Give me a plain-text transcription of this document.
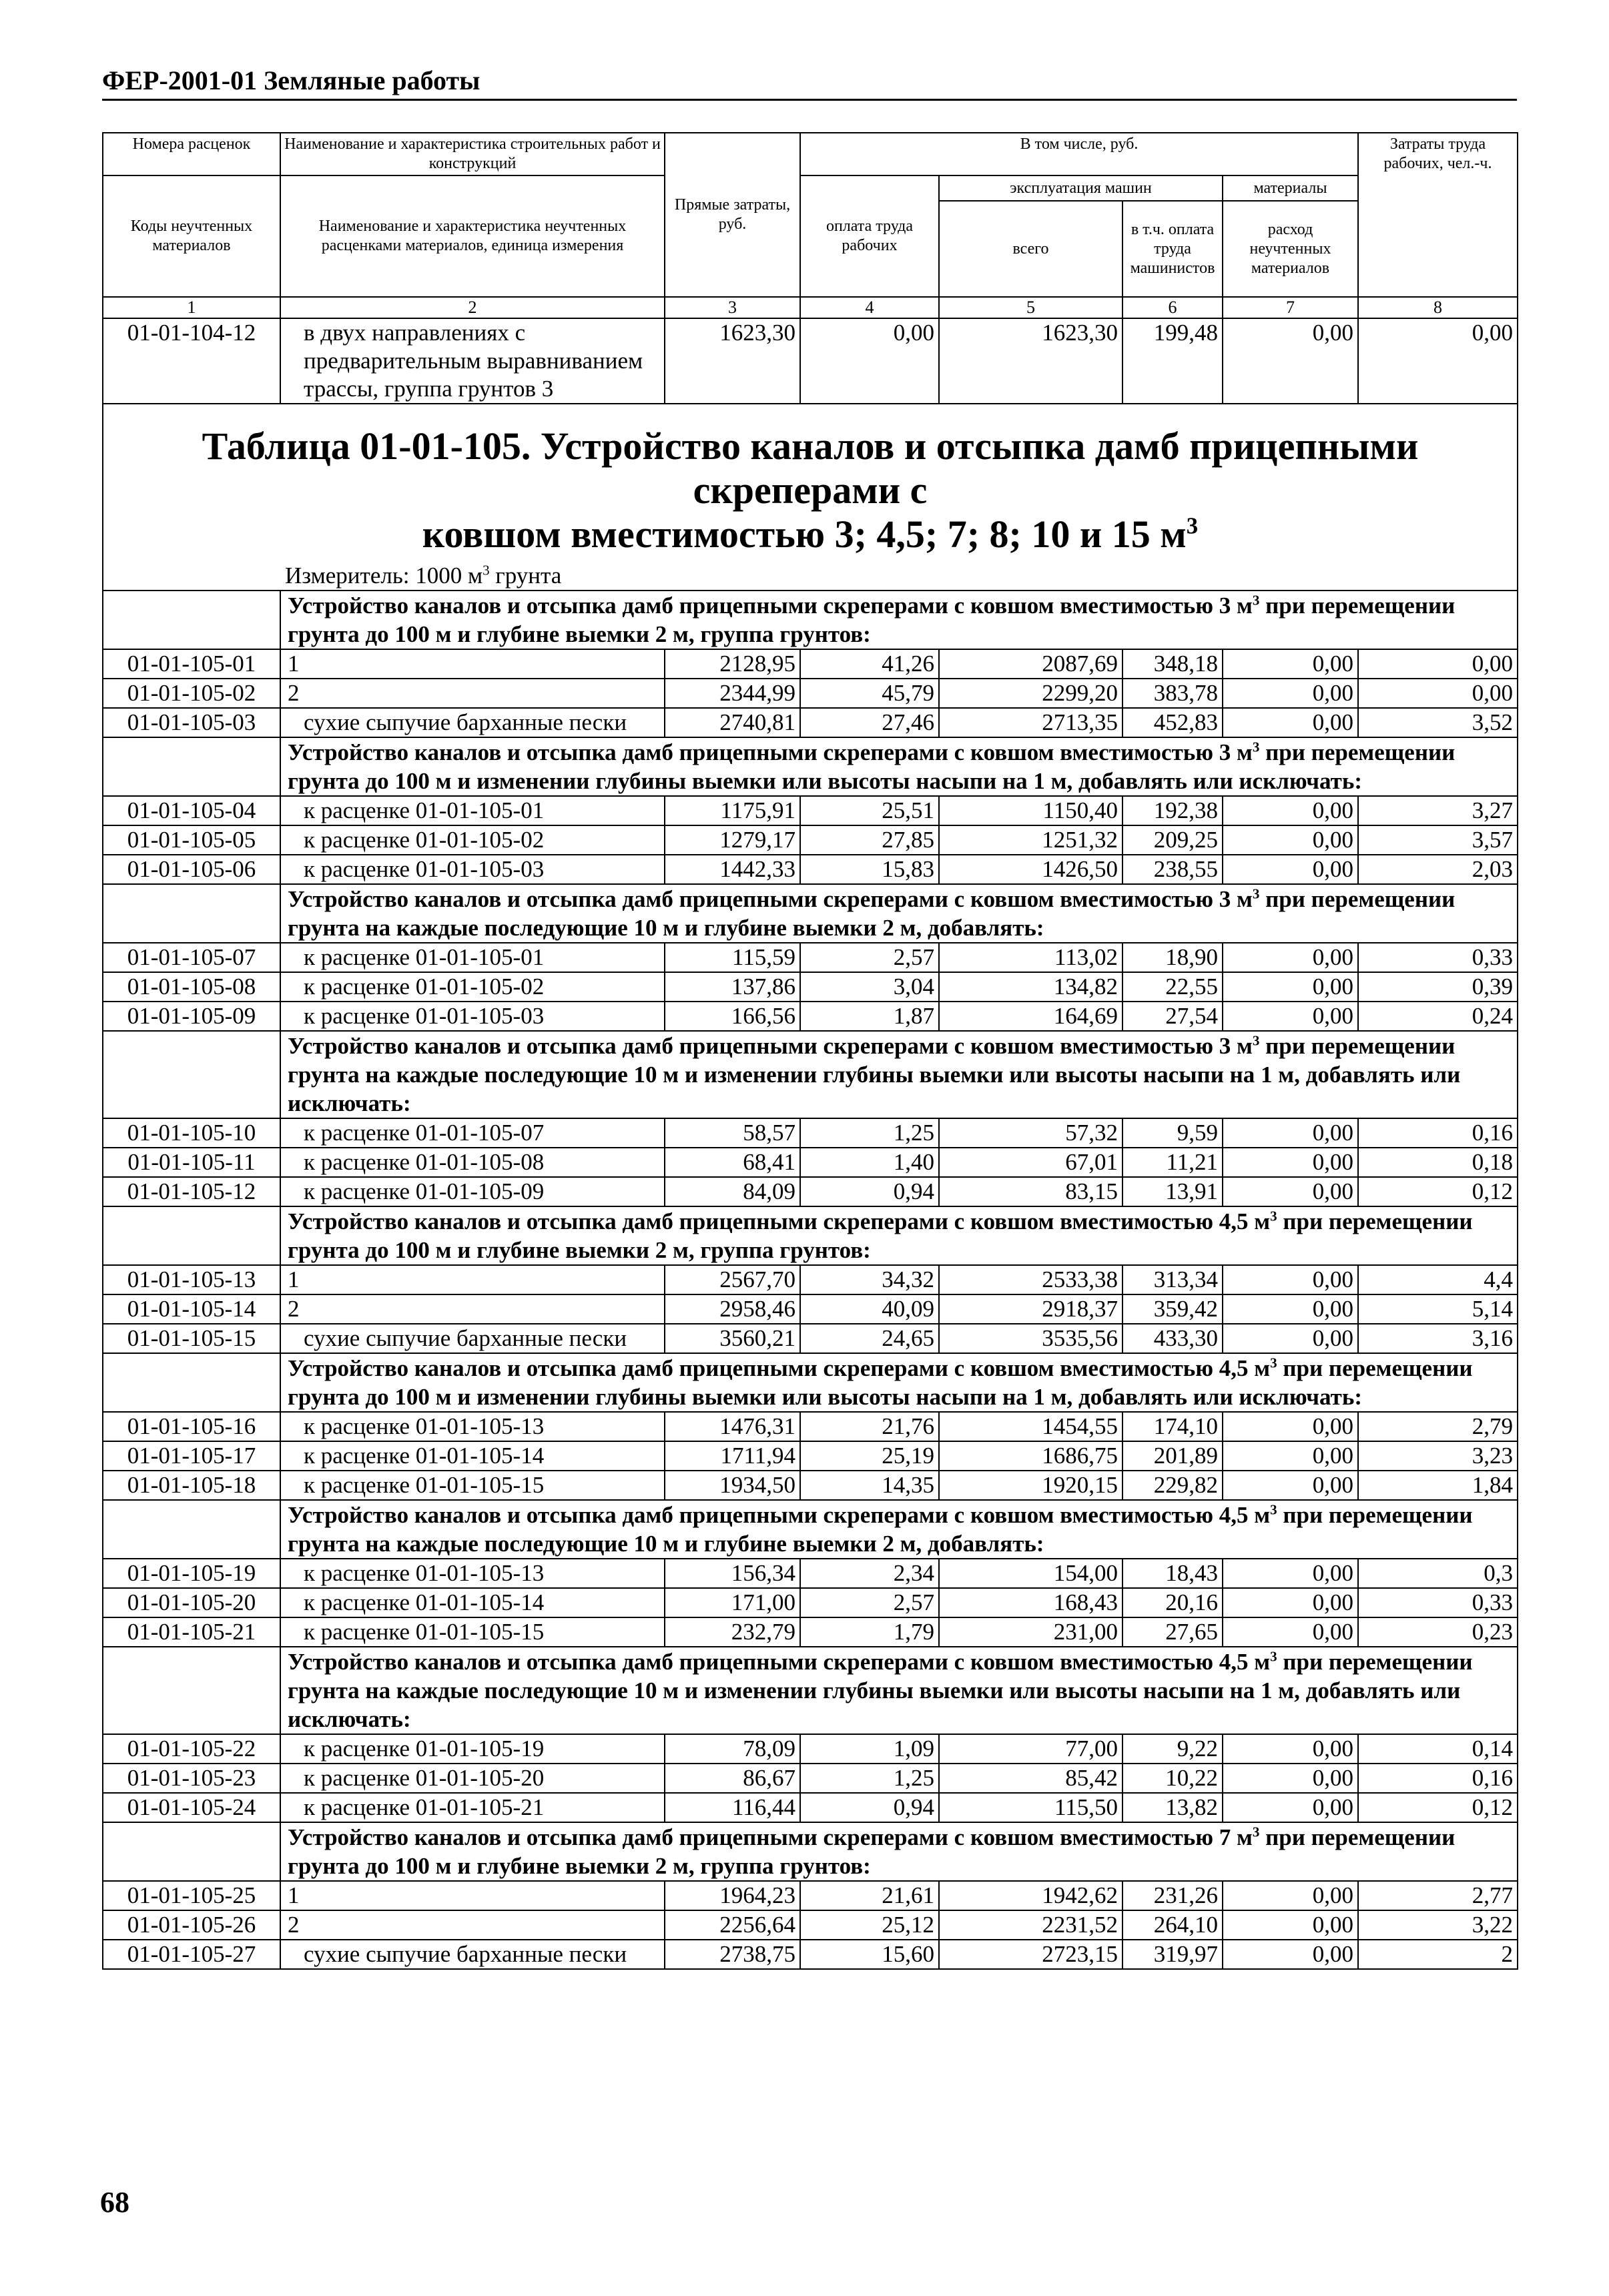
ФЕР-2001-01 Земляные работы
Номера расценок	Наименование и характеристика строительных работ и конструкций	Прямые затраты, руб.	В том числе, руб.				Затраты труда рабочих, чел.-ч.
Коды неучтенных материалов	Наименование и характеристика неучтенных расценками материалов, единица измерения		оплата труда рабочих	эксплуатация машин		материалы	
				всего	в т.ч. оплата труда машинистов	расход неучтенных материалов	
1	2	3	4	5	6	7	8
01-01-104-12	в двух направлениях с предварительным выравниванием трассы, группа грунтов 3	1623,30	0,00	1623,30	199,48	0,00	0,00

Таблица 01-01-105. Устройство каналов и отсыпка дамб прицепными скреперами с
ковшом вместимостью 3; 4,5; 7; 8; 10 и 15 $м^3$

Измеритель: 1000 $м^3$ грунта							

	Устройство каналов и отсыпка дамб прицепными скреперами с ковшом вместимостью 3 $м^3$ при перемещении грунта до 100 м и глубине выемки 2 м, группа грунтов:						
01-01-105-01	1	2128,95	41,26	2087,69	348,18	0,00	0,00
01-01-105-02	2	2344,99	45,79	2299,20	383,78	0,00	0,00
01-01-105-03	сухие сыпучие барханные пески	2740,81	27,46	2713,35	452,83	0,00	3,52
	Устройство каналов и отсыпка дамб прицепными скреперами с ковшом вместимостью 3 $м^3$ при перемещении грунта до 100 м и изменении глубины выемки или высоты насыпи на 1 м, добавлять или исключать:						
01-01-105-04	к расценке 01-01-105-01	1175,91	25,51	1150,40	192,38	0,00	3,27
01-01-105-05	к расценке 01-01-105-02	1279,17	27,85	1251,32	209,25	0,00	3,57
01-01-105-06	к расценке 01-01-105-03	1442,33	15,83	1426,50	238,55	0,00	2,03
	Устройство каналов и отсыпка дамб прицепными скреперами с ковшом вместимостью 3 $м^3$ при перемещении грунта на каждые последующие 10 м и глубине выемки 2 м, добавлять:						
01-01-105-07	к расценке 01-01-105-01	115,59	2,57	113,02	18,90	0,00	0,33
01-01-105-08	к расценке 01-01-105-02	137,86	3,04	134,82	22,55	0,00	0,39
01-01-105-09	к расценке 01-01-105-03	166,56	1,87	164,69	27,54	0,00	0,24
	Устройство каналов и отсыпка дамб прицепными скреперами с ковшом вместимостью 3 $м^3$ при перемещении грунта на каждые последующие 10 м и изменении глубины выемки или высоты насыпи на 1 м, добавлять или исключать:						
01-01-105-10	к расценке 01-01-105-07	58,57	1,25	57,32	9,59	0,00	0,16
01-01-105-11	к расценке 01-01-105-08	68,41	1,40	67,01	11,21	0,00	0,18
01-01-105-12	к расценке 01-01-105-09	84,09	0,94	83,15	13,91	0,00	0,12
	Устройство каналов и отсыпка дамб прицепными скреперами с ковшом вместимостью 4,5 $м^3$ при перемещении грунта до 100 м и глубине выемки 2 м, группа грунтов:						
01-01-105-13	1	2567,70	34,32	2533,38	313,34	0,00	4,4
01-01-105-14	2	2958,46	40,09	2918,37	359,42	0,00	5,14
01-01-105-15	сухие сыпучие барханные пески	3560,21	24,65	3535,56	433,30	0,00	3,16
	Устройство каналов и отсыпка дамб прицепными скреперами с ковшом вместимостью 4,5 $м^3$ при перемещении грунта до 100 м и изменении глубины выемки или высоты насыпи на 1 м, добавлять или исключать:						
01-01-105-16	к расценке 01-01-105-13	1476,31	21,76	1454,55	174,10	0,00	2,79
01-01-105-17	к расценке 01-01-105-14	1711,94	25,19	1686,75	201,89	0,00	3,23
01-01-105-18	к расценке 01-01-105-15	1934,50	14,35	1920,15	229,82	0,00	1,84
	Устройство каналов и отсыпка дамб прицепными скреперами с ковшом вместимостью 4,5 $м^3$ при перемещении грунта на каждые последующие 10 м и глубине выемки 2 м, добавлять:						
01-01-105-19	к расценке 01-01-105-13	156,34	2,34	154,00	18,43	0,00	0,3
01-01-105-20	к расценке 01-01-105-14	171,00	2,57	168,43	20,16	0,00	0,33
01-01-105-21	к расценке 01-01-105-15	232,79	1,79	231,00	27,65	0,00	0,23
	Устройство каналов и отсыпка дамб прицепными скреперами с ковшом вместимостью 4,5 $м^3$ при перемещении грунта на каждые последующие 10 м и изменении глубины выемки или высоты насыпи на 1 м, добавлять или исключать:						
01-01-105-22	к расценке 01-01-105-19	78,09	1,09	77,00	9,22	0,00	0,14
01-01-105-23	к расценке 01-01-105-20	86,67	1,25	85,42	10,22	0,00	0,16
01-01-105-24	к расценке 01-01-105-21	116,44	0,94	115,50	13,82	0,00	0,12
	Устройство каналов и отсыпка дамб прицепными скреперами с ковшом вместимостью 7 $м^3$ при перемещении грунта до 100 м и глубине выемки 2 м, группа грунтов:						
01-01-105-25	1	1964,23	21,61	1942,62	231,26	0,00	2,77
01-01-105-26	2	2256,64	25,12	2231,52	264,10	0,00	3,22
01-01-105-27	сухие сыпучие барханные пески	2738,75	15,60	2723,15	319,97	0,00	2
68
